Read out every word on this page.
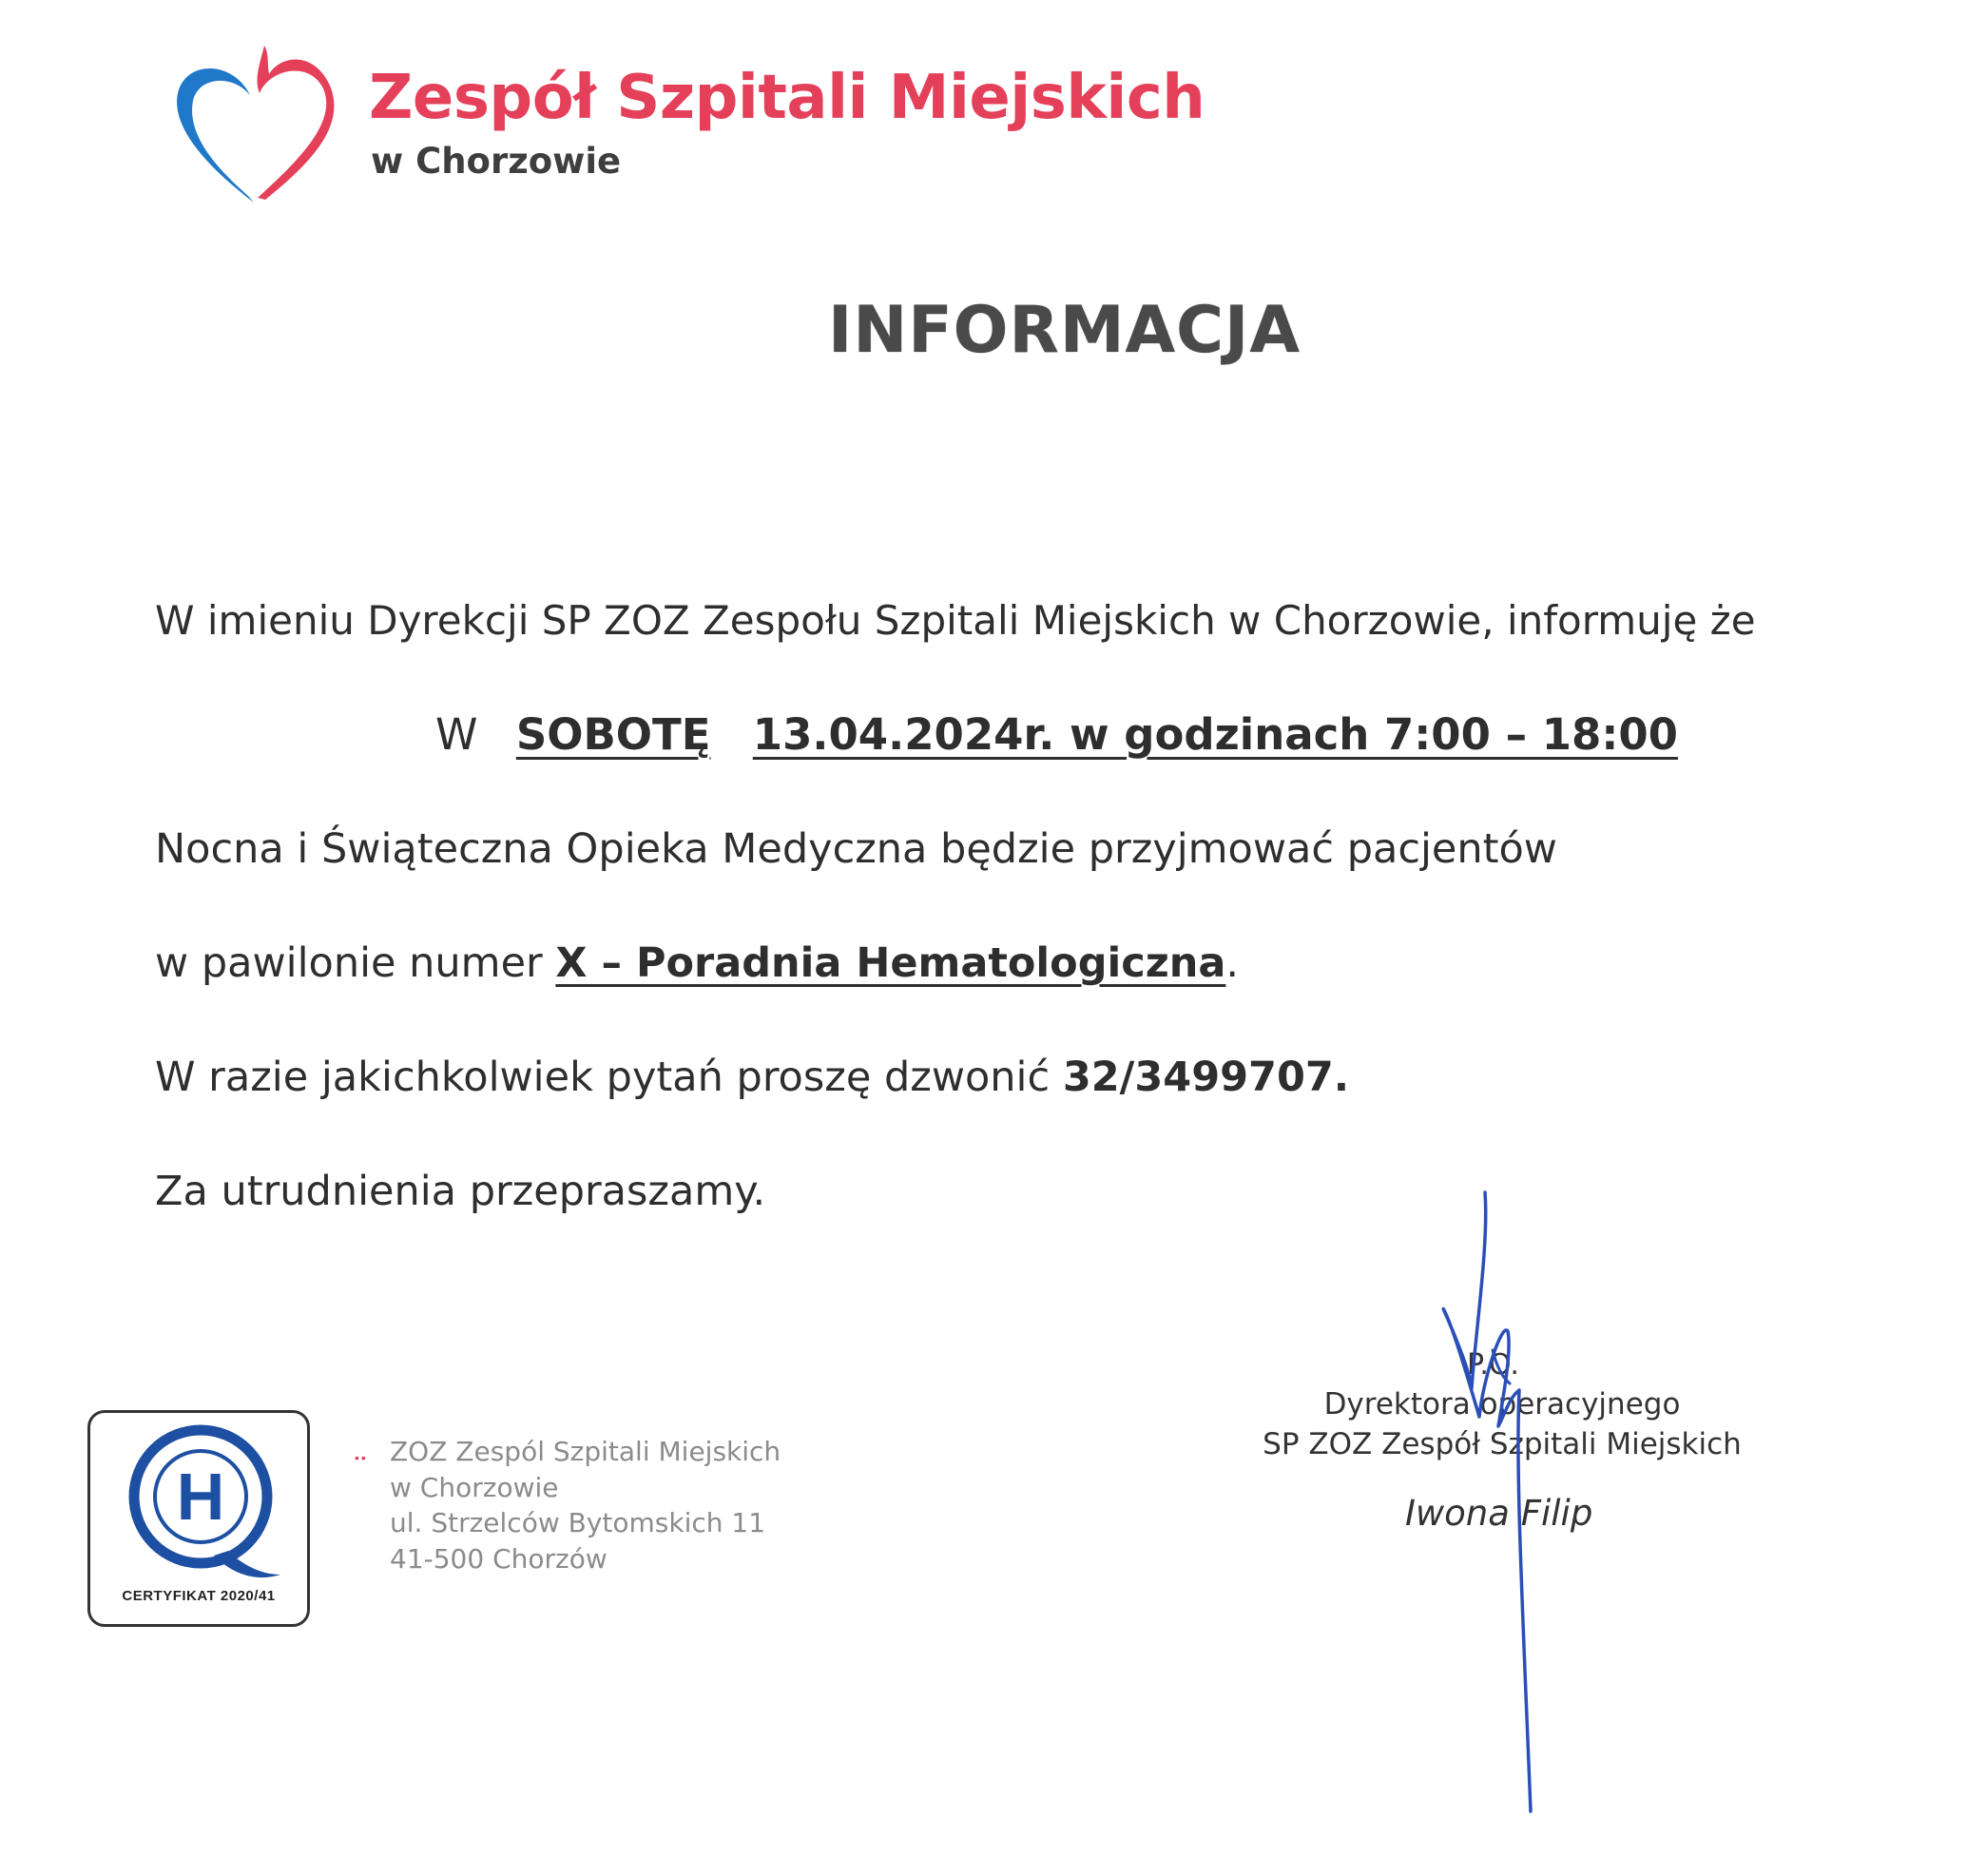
Zespół Szpitali Miejskich
w Chorzowie
INFORMACJA
W imieniu Dyrekcji SP ZOZ Zespołu Szpitali Miejskich w Chorzowie, informuję że
W SOBOTĘ 13.04.2024r. w godzinach 7:00 – 18:00
Nocna i Świąteczna Opieka Medyczna będzie przyjmować pacjentów
w pawilonie numer X – Poradnia Hematologiczna.
W razie jakichkolwiek pytań proszę dzwonić 32/3499707.
Za utrudnienia przepraszamy.
P.O.
Dyrektora operacyjnego
SP ZOZ Zespół Szpitali Miejskich
Iwona Filip
H
CERTYFIKAT 2020/41
•• ZOZ Zespól Szpitali Miejskich
w Chorzowie
ul. Strzelców Bytomskich 11
41-500 Chorzów
